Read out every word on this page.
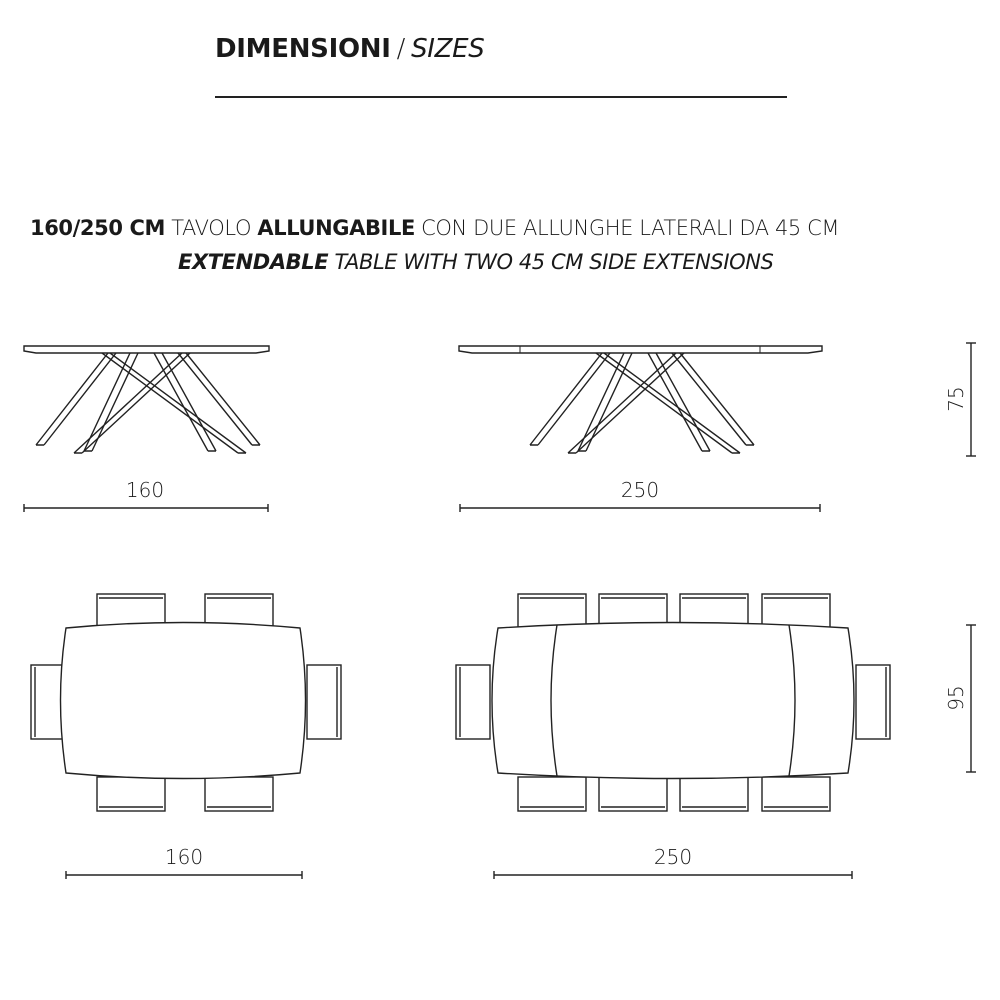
DIMENSIONI / SIZES
160/250 CM TAVOLO ALLUNGABILE CON DUE ALLUNGHE LATERALI DA 45 CM
EXTENDABLE TABLE WITH TWO 45 CM SIDE EXTENSIONS
75
160	250
95
160	250
